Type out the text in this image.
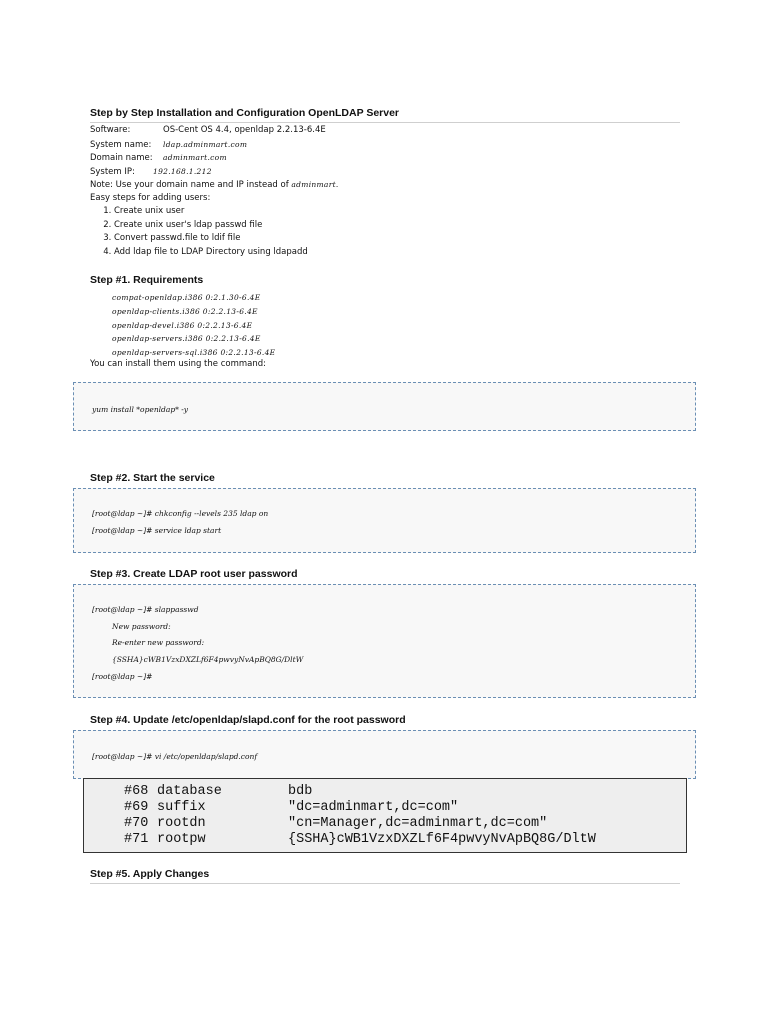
Step by Step Installation and Configuration OpenLDAP Server
Software:	OS-Cent OS 4.4, openldap 2.2.13-6.4E
System name: ldap.adminmart.com
Domain name: adminmart.com
System IP: 192.168.1.212
Note: Use your domain name and IP instead of adminmart.
Easy steps for adding users:
1. Create unix user
2. Create unix user's ldap passwd file
3. Convert passwd.file to ldif file
4. Add ldap file to LDAP Directory using ldapadd
Step #1. Requirements
compat-openldap.i386 0:2.1.30-6.4E
openldap-clients.i386 0:2.2.13-6.4E
openldap-devel.i386 0:2.2.13-6.4E
openldap-servers.i386 0:2.2.13-6.4E
openldap-servers-sql.i386 0:2.2.13-6.4E
You can install them using the command:
yum install *openldap* -y
Step #2. Start the service
[root@ldap ~]# chkconfig --levels 235 ldap on
[root@ldap ~]# service ldap start
Step #3. Create LDAP root user password
[root@ldap ~]# slappasswd
New password:
Re-enter new password:
{SSHA}cWB1VzxDXZLf6F4pwvyNvApBQ8G/DltW
[root@ldap ~]#
Step #4. Update /etc/openldap/slapd.conf for the root password
[root@ldap ~]# vi /etc/openldap/slapd.conf
#68 database	bdb
#69 suffix	"dc=adminmart,dc=com"
#70 rootdn	"cn=Manager,dc=adminmart,dc=com"
#71 rootpw	{SSHA}cWB1VzxDXZLf6F4pwvyNvApBQ8G/DltW
Step #5. Apply Changes
